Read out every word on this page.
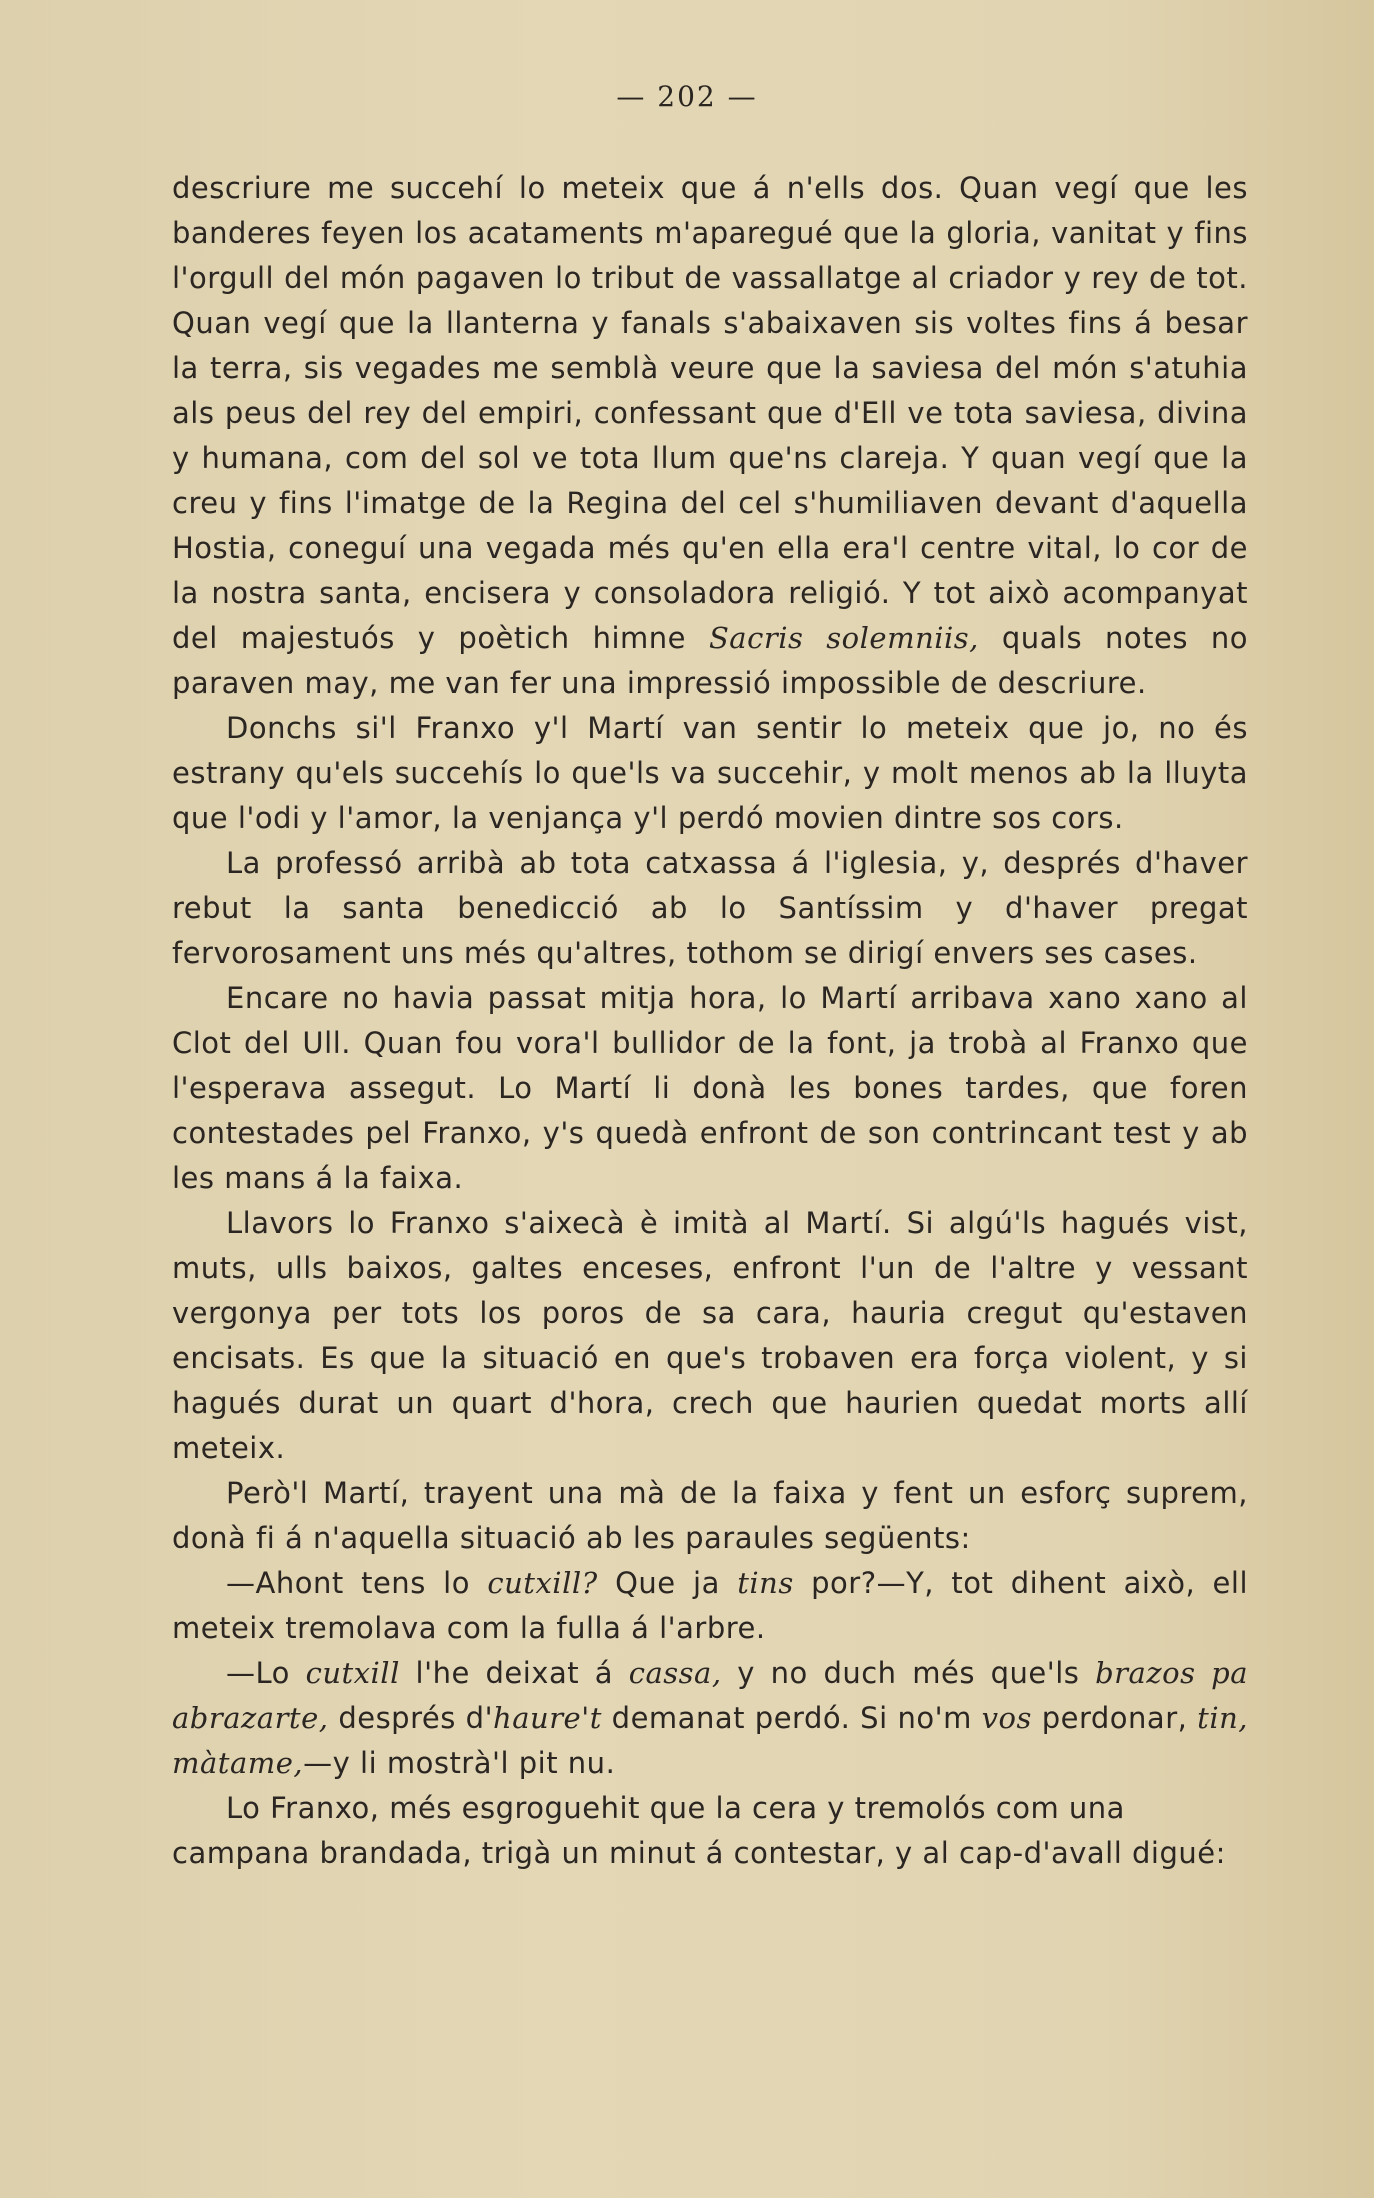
— 202 —

descriure me succehí lo meteix que á n'ells dos. Quan vegí que les banderes feyen los acataments m'aparegué que la gloria, vanitat y fins l'orgull del món pagaven lo tribut de vassallatge al criador y rey de tot. Quan vegí que la llanterna y fanals s'abaixaven sis voltes fins á besar la terra, sis vegades me semblà veure que la saviesa del món s'atuhia als peus del rey del empiri, confessant que d'Ell ve tota saviesa, divina y humana, com del sol ve tota llum que'ns clareja. Y quan vegí que la creu y fins l'imatge de la Regina del cel s'humiliaven devant d'aquella Hostia, coneguí una vegada més qu'en ella era'l centre vital, lo cor de la nostra santa, encisera y consoladora religió. Y tot això acompanyat del majestuós y poètich himne Sacris solemniis, quals notes no paraven may, me van fer una impressió impossible de descriure.

Donchs si'l Franxo y'l Martí van sentir lo meteix que jo, no és estrany qu'els succehís lo que'ls va succehir, y molt menos ab la lluyta que l'odi y l'amor, la venjança y'l perdó movien dintre sos cors.

La professó arribà ab tota catxassa á l'iglesia, y, després d'haver rebut la santa benedicció ab lo Santíssim y d'haver pregat fervorosament uns més qu'altres, tothom se dirigí envers ses cases.

Encare no havia passat mitja hora, lo Martí arribava xano xano al Clot del Ull. Quan fou vora'l bullidor de la font, ja trobà al Franxo que l'esperava assegut. Lo Martí li donà les bones tardes, que foren contestades pel Franxo, y's quedà enfront de son contrincant test y ab les mans á la faixa.

Llavors lo Franxo s'aixecà è imità al Martí. Si algú'ls hagués vist, muts, ulls baixos, galtes enceses, enfront l'un de l'altre y vessant vergonya per tots los poros de sa cara, hauria cregut qu'estaven encisats. Es que la situació en que's trobaven era força violent, y si hagués durat un quart d'hora, crech que haurien quedat morts allí meteix.

Però'l Martí, trayent una mà de la faixa y fent un esforç suprem, donà fi á n'aquella situació ab les paraules següents:

—Ahont tens lo cutxill? Que ja tins por?—Y, tot dihent això, ell meteix tremolava com la fulla á l'arbre.

—Lo cutxill l'he deixat á cassa, y no duch més que'ls brazos pa abrazarte, després d'haure't demanat perdó. Si no'm vos perdonar, tin, màtame,—y li mostrà'l pit nu.

Lo Franxo, més esgroguehit que la cera y tremolós com una campana brandada, trigà un minut á contestar, y al cap-d'avall digué:
